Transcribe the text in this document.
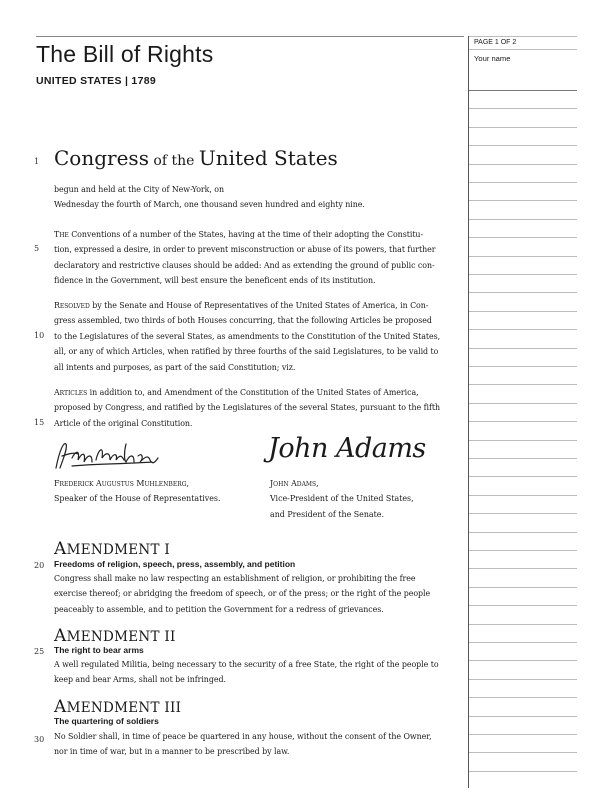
The Bill of Rights
UNITED STATES | 1789
Congress of the United States
1
5
10
15
20
25
30
begun and held at the City of New-York, on
Wednesday the fourth of March, one thousand seven hundred and eighty nine.
The Conventions of a number of the States, having at the time of their adopting the Constitu-
tion, expressed a desire, in order to prevent misconstruction or abuse of its powers, that further
declaratory and restrictive clauses should be added: And as extending the ground of public con-
fidence in the Government, will best ensure the beneficent ends of its institution.
Resolved by the Senate and House of Representatives of the United States of America, in Con-
gress assembled, two thirds of both Houses concurring, that the following Articles be proposed
to the Legislatures of the several States, as amendments to the Constitution of the United States,
all, or any of which Articles, when ratified by three fourths of the said Legislatures, to be valid to
all intents and purposes, as part of the said Constitution; viz.
Articles in addition to, and Amendment of the Constitution of the United States of America,
proposed by Congress, and ratified by the Legislatures of the several States, pursuant to the fifth
Article of the original Constitution.
John Adams
Frederick Augustus Muhlenberg,
Speaker of the House of Representatives.
John Adams,
Vice-President of the United States,
and President of the Senate.
AMENDMENT I
Freedoms of religion, speech, press, assembly, and petition
Congress shall make no law respecting an establishment of religion, or prohibiting the free
exercise thereof; or abridging the freedom of speech, or of the press; or the right of the people
peaceably to assemble, and to petition the Government for a redress of grievances.
AMENDMENT II
The right to bear arms
A well regulated Militia, being necessary to the security of a free State, the right of the people to
keep and bear Arms, shall not be infringed.
AMENDMENT III
The quartering of soldiers
No Soldier shall, in time of peace be quartered in any house, without the consent of the Owner,
nor in time of war, but in a manner to be prescribed by law.
PAGE 1 OF 2
Your name
